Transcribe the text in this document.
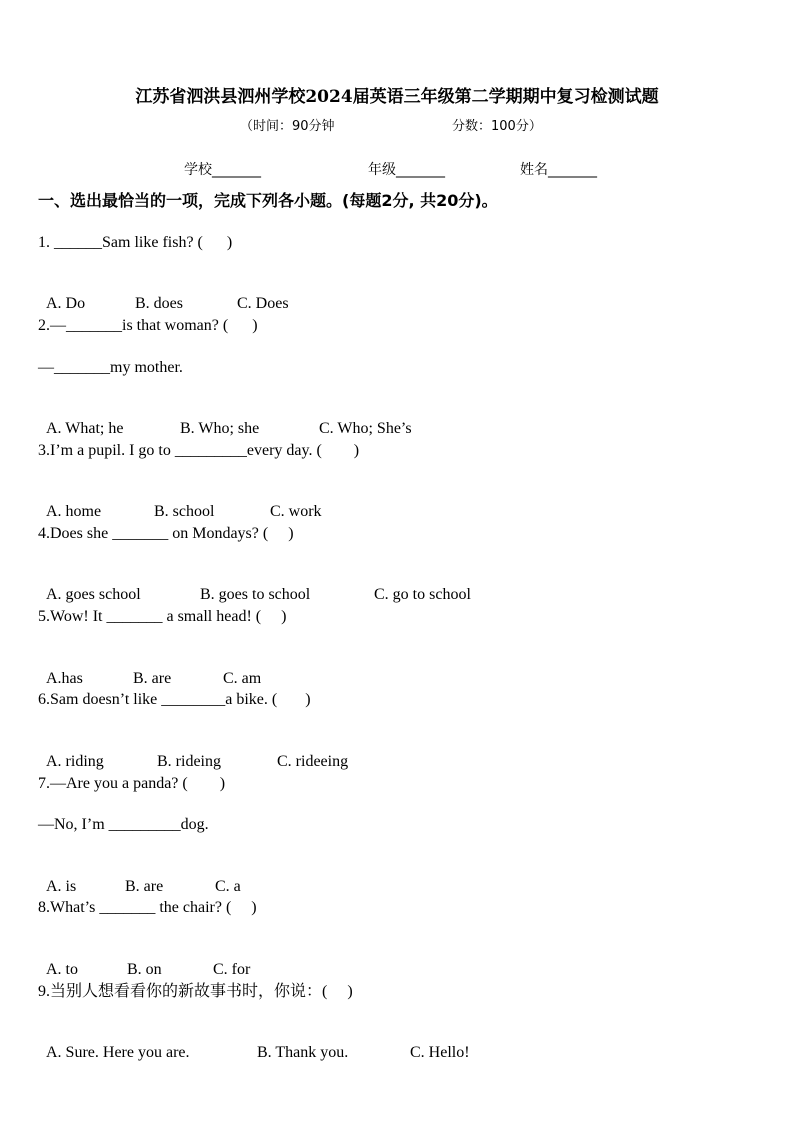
江苏省泗洪县泗州学校2024届英语三年级第二学期期中复习检测试题
（时间：90分钟	分数：100分）
学校_______	年级_______	姓名_______
一、选出最恰当的一项，完成下列各小题。(每题2分, 共20分)。
1. ______Sam like fish? (      )

A. Do	B. does	C. Does

2.—_______is that woman? (      )
—_______my mother.

A. What; he	B. Who; she	C. Who; She’s

3.I’m a pupil. I go to _________every day. (        )

A. home	B. school	C. work

4.Does she _______ on Mondays? (     )

A. goes school	B. goes to school	C. go to school

5.Wow! It _______ a small head! (     )

A.has	B. are	C. am

6.Sam doesn’t like ________a bike. (       )

A. riding	B. rideing	C. rideeing

7.—Are you a panda? (        )
—No, I’m _________dog.

A. is	B. are	C. a

8.What’s _______ the chair? (     )

A. to	B. on	C. for

9.当别人想看看你的新故事书时，你说：(     )

A. Sure. Here you are.	B. Thank you.	C. Hello!
